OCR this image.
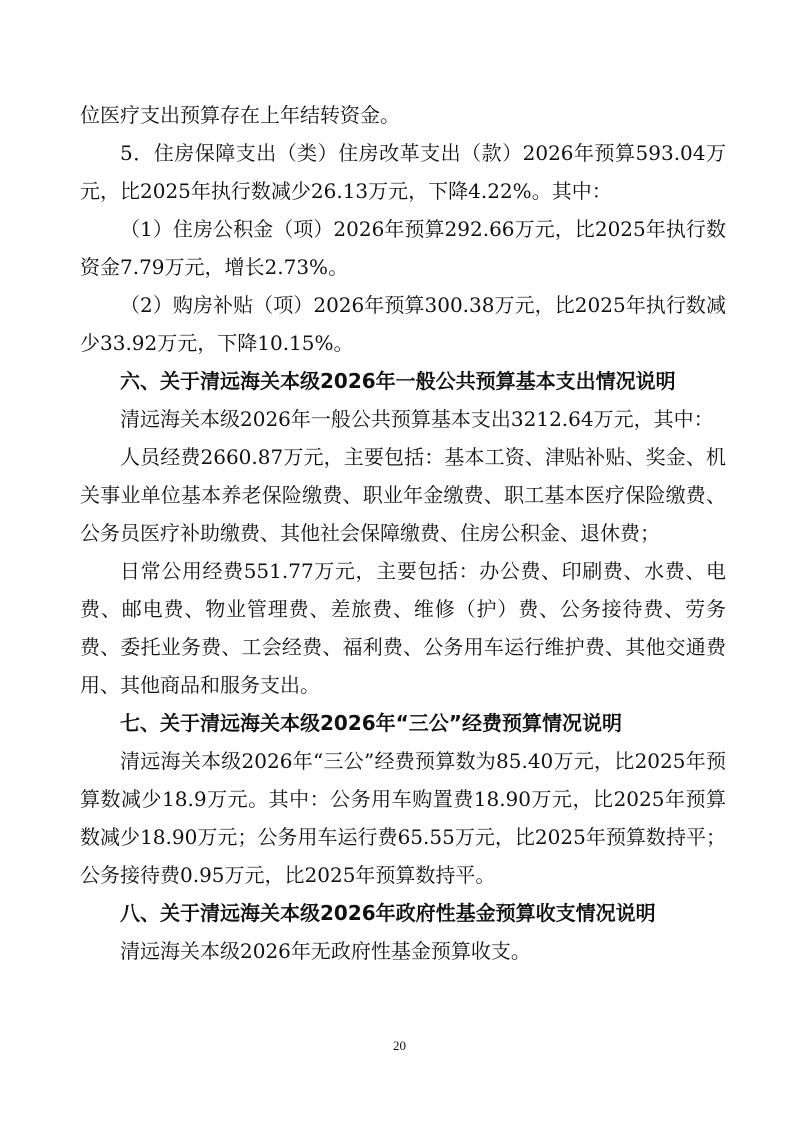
位医疗支出预算存在上年结转资金。

5．住房保障支出（类）住房改革支出（款）2026年预算593.04万元，比2025年执行数减少26.13万元，下降4.22%。其中：

（1）住房公积金（项）2026年预算292.66万元，比2025年执行数资金7.79万元，增长2.73%。

（2）购房补贴（项）2026年预算300.38万元，比2025年执行数减少33.92万元，下降10.15%。

六、关于清远海关本级2026年一般公共预算基本支出情况说明

清远海关本级2026年一般公共预算基本支出3212.64万元，其中：

人员经费2660.87万元，主要包括：基本工资、津贴补贴、奖金、机关事业单位基本养老保险缴费、职业年金缴费、职工基本医疗保险缴费、公务员医疗补助缴费、其他社会保障缴费、住房公积金、退休费；

日常公用经费551.77万元，主要包括：办公费、印刷费、水费、电费、邮电费、物业管理费、差旅费、维修（护）费、公务接待费、劳务费、委托业务费、工会经费、福利费、公务用车运行维护费、其他交通费用、其他商品和服务支出。

七、关于清远海关本级2026年“三公”经费预算情况说明

清远海关本级2026年“三公”经费预算数为85.40万元，比2025年预算数减少18.9万元。其中：公务用车购置费18.90万元，比2025年预算数减少18.90万元；公务用车运行费65.55万元，比2025年预算数持平；公务接待费0.95万元，比2025年预算数持平。

八、关于清远海关本级2026年政府性基金预算收支情况说明

清远海关本级2026年无政府性基金预算收支。

20
